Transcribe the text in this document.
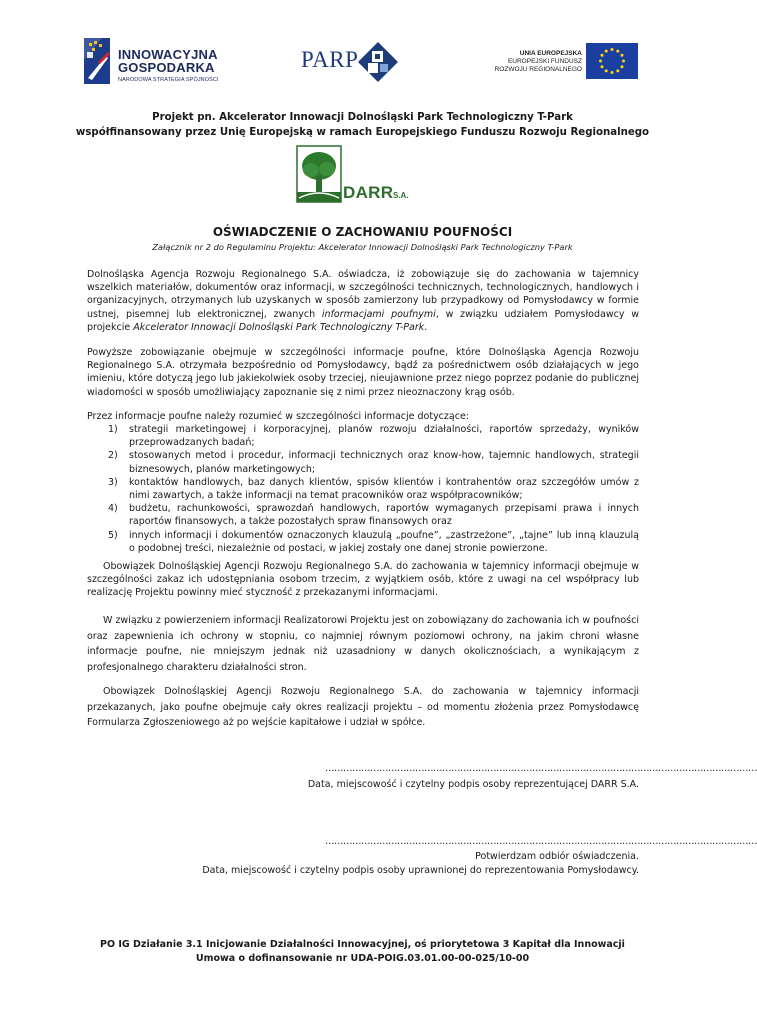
INNOWACYJNA
GOSPODARKA
NARODOWA STRATEGIA SPÓJNOŚCI
PARP	UNIA EUROPEJSKA
EUROPEJSKI FUNDUSZ
ROZWOJU REGIONALNEGO
Projekt pn. Akcelerator Innowacji Dolnośląski Park Technologiczny T-Park
współfinansowany przez Unię Europejską w ramach Europejskiego Funduszu Rozwoju Regionalnego
DARR S.A.
OŚWIADCZENIE O ZACHOWANIU POUFNOŚCI
Załącznik nr 2 do Regulaminu Projektu: Akcelerator Innowacji Dolnośląski Park Technologiczny T-Park

Dolnośląska Agencja Rozwoju Regionalnego S.A. oświadcza, iż zobowiązuje się do zachowania w tajemnicy wszelkich materiałów, dokumentów oraz informacji, w szczególności technicznych, technologicznych, handlowych i organizacyjnych, otrzymanych lub uzyskanych w sposób zamierzony lub przypadkowy od Pomysłodawcy w formie ustnej, pisemnej lub elektronicznej, zwanych informacjami poufnymi, w związku udziałem Pomysłodawcy w projekcie Akcelerator Innowacji Dolnośląski Park Technologiczny T-Park.

Powyższe zobowiązanie obejmuje w szczególności informacje poufne, które Dolnośląska Agencja Rozwoju Regionalnego S.A. otrzymała bezpośrednio od Pomysłodawcy, bądź za pośrednictwem osób działających w jego imieniu, które dotyczą jego lub jakiekolwiek osoby trzeciej, nieujawnione przez niego poprzez podanie do publicznej wiadomości w sposób umożliwiający zapoznanie się z nimi przez nieoznaczony krąg osób.

Przez informacje poufne należy rozumieć w szczególności informacje dotyczące:
1) strategii marketingowej i korporacyjnej, planów rozwoju działalności, raportów sprzedaży, wyników przeprowadzanych badań;
2) stosowanych metod i procedur, informacji technicznych oraz know-how, tajemnic handlowych, strategii biznesowych, planów marketingowych;
3) kontaktów handlowych, baz danych klientów, spisów klientów i kontrahentów oraz szczegółów umów z nimi zawartych, a także informacji na temat pracowników oraz współpracowników;
4) budżetu, rachunkowości, sprawozdań handlowych, raportów wymaganych przepisami prawa i innych raportów finansowych, a także pozostałych spraw finansowych oraz
5) innych informacji i dokumentów oznaczonych klauzulą „poufne”, „zastrzeżone”, „tajne” lub inną klauzulą o podobnej treści, niezależnie od postaci, w jakiej zostały one danej stronie powierzone.

Obowiązek Dolnośląskiej Agencji Rozwoju Regionalnego S.A. do zachowania w tajemnicy informacji obejmuje w szczególności zakaz ich udostępniania osobom trzecim, z wyjątkiem osób, które z uwagi na cel współpracy lub realizację Projektu powinny mieć styczność z przekazanymi informacjami.

W związku z powierzeniem informacji Realizatorowi Projektu jest on zobowiązany do zachowania ich w poufności oraz zapewnienia ich ochrony w stopniu, co najmniej równym poziomowi ochrony, na jakim chroni własne informacje poufne, nie mniejszym jednak niż uzasadniony w danych okolicznościach, a wynikającym z profesjonalnego charakteru działalności stron.

Obowiązek Dolnośląskiej Agencji Rozwoju Regionalnego S.A. do zachowania w tajemnicy informacji przekazanych, jako poufne obejmuje cały okres realizacji projektu – od momentu złożenia przez Pomysłodawcę Formularza Zgłoszeniowego aż po wejście kapitałowe i udział w spółce.

………………………………………………………………………………………………………………………………
Data, miejscowość i czytelny podpis osoby reprezentującej DARR S.A.
………………………………………………………………………………………………………………………………
Potwierdzam odbiór oświadczenia.
Data, miejscowość i czytelny podpis osoby uprawnionej do reprezentowania Pomysłodawcy.
PO IG Działanie 3.1 Inicjowanie Działalności Innowacyjnej, oś priorytetowa 3 Kapitał dla Innowacji
Umowa o dofinansowanie nr UDA-POIG.03.01.00-00-025/10-00
